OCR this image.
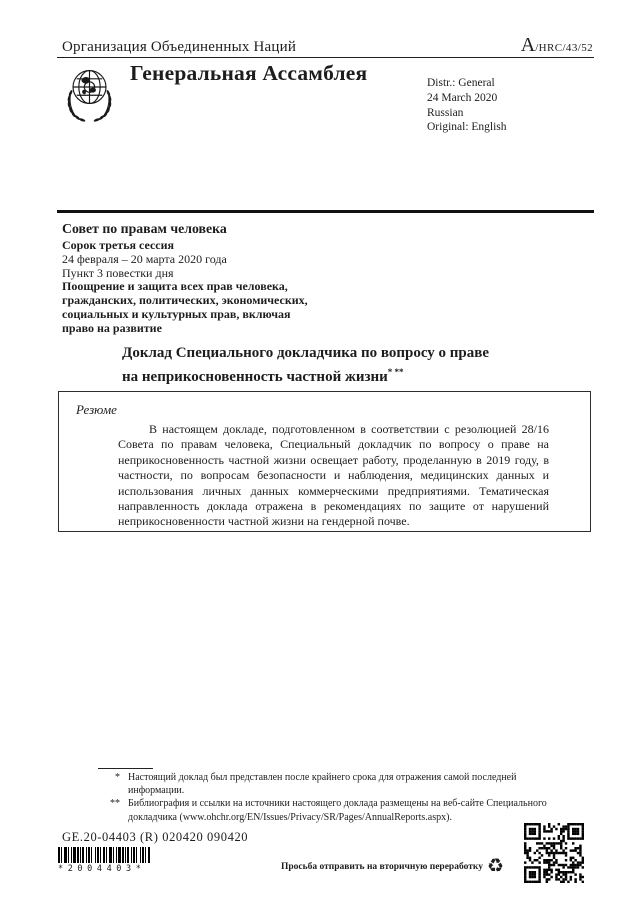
Организация Объединенных Наций	A/HRC/43/52
Генеральная Ассамблея	Distr.: General
24 March 2020
Russian
Original: English
Совет по правам человека
Сорок третья сессия
24 февраля – 20 марта 2020 года
Пункт 3 повестки дня
Поощрение и защита всех прав человека,
гражданских, политических, экономических,
социальных и культурных прав, включая
право на развитие
Доклад Специального докладчика по вопросу о праве
на неприкосновенность частной жизни* **
Резюме
В настоящем докладе, подготовленном в соответствии с резолюцией 28/16 Совета по правам человека, Специальный докладчик по вопросу о праве на неприкосновенность частной жизни освещает работу, проделанную в 2019 году, в частности, по вопросам безопасности и наблюдения, медицинских данных и использования личных данных коммерческими предприятиями. Тематическая направленность доклада отражена в рекомендациях по защите от нарушений неприкосновенности частной жизни на гендерной почве.
* Настоящий доклад был представлен после крайнего срока для отражения самой последней информации.
** Библиография и ссылки на источники настоящего доклада размещены на веб-сайте Специального докладчика (www.ohchr.org/EN/Issues/Privacy/SR/Pages/AnnualReports.aspx).
GE.20-04403 (R) 020420 090420
*2004403*	Просьба отправить на вторичную переработку ♻
